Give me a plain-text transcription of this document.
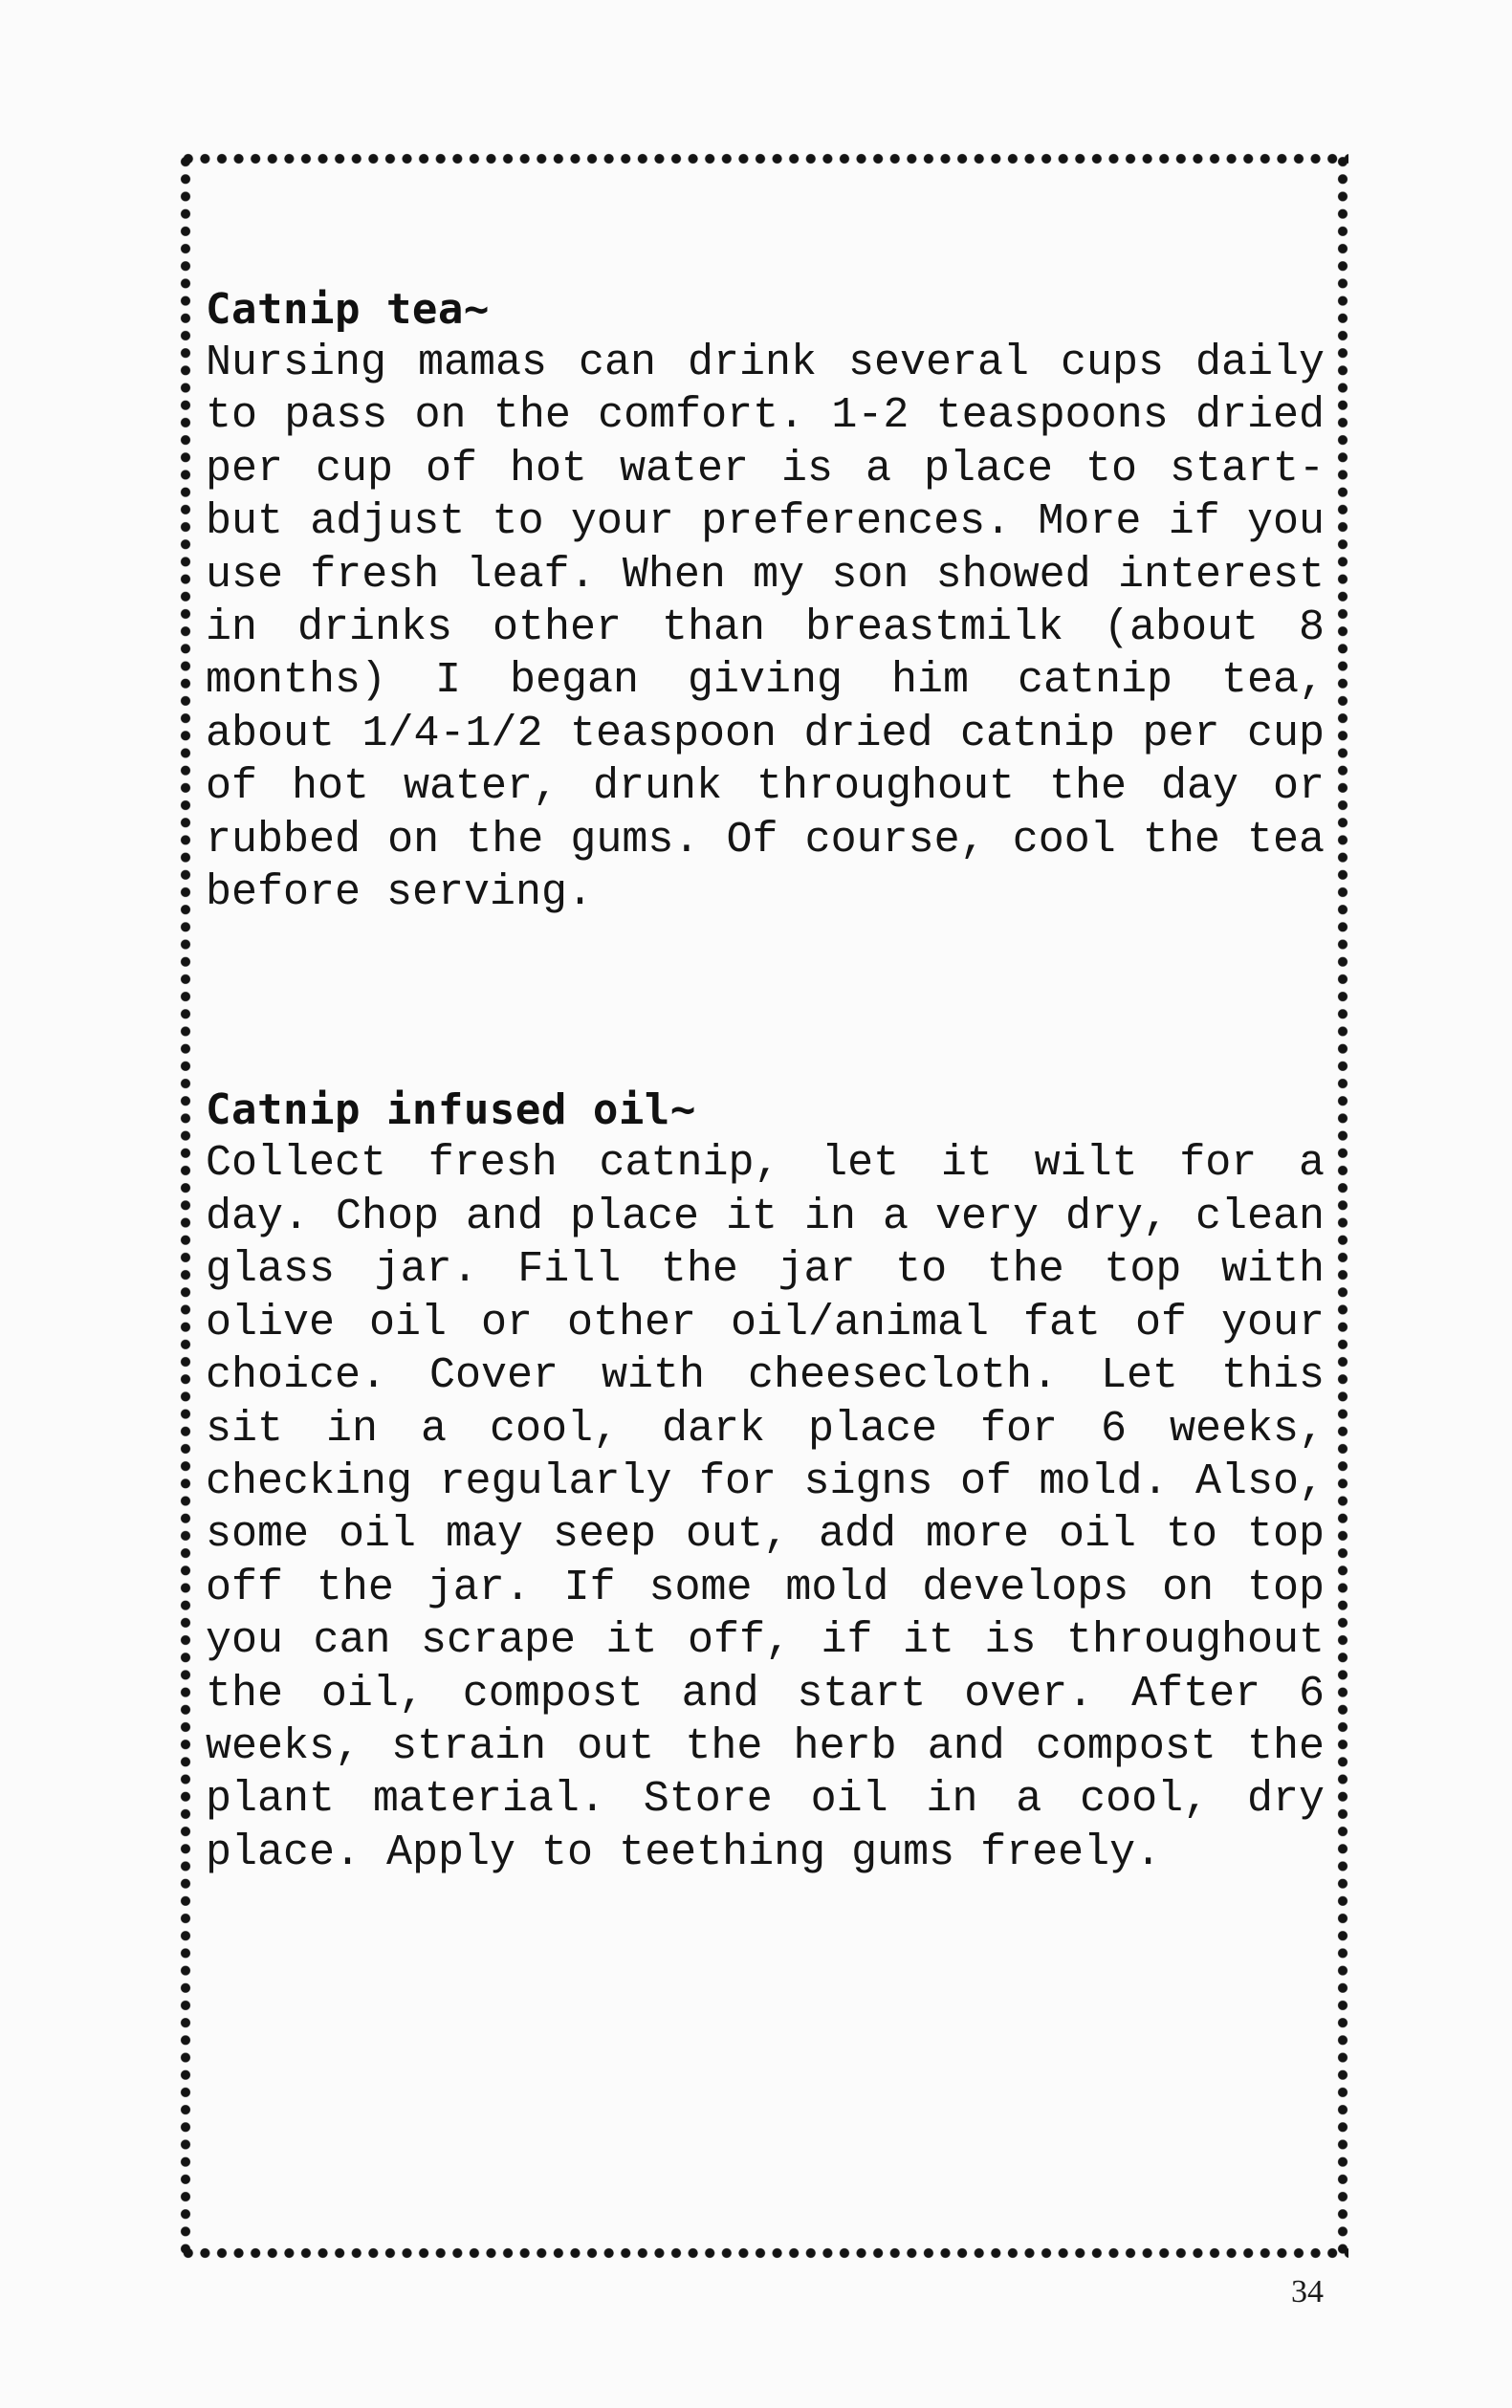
Catnip tea~

Nursing mamas can drink several cups daily to pass on the comfort. 1-2 teaspoons dried per cup of hot water is a place to start- but adjust to your preferences. More if you use fresh leaf. When my son showed interest in drinks other than breastmilk (about 8 months) I began giving him catnip tea, about 1/4-1/2 teaspoon dried catnip per cup of hot water, drunk throughout the day or rubbed on the gums. Of course, cool the tea before serving.

Catnip infused oil~

Collect fresh catnip, let it wilt for a day. Chop and place it in a very dry, clean glass jar. Fill the jar to the top with olive oil or other oil/animal fat of your choice. Cover with cheesecloth. Let this sit in a cool, dark place for 6 weeks, checking regularly for signs of mold. Also, some oil may seep out, add more oil to top off the jar. If some mold develops on top you can scrape it off, if it is throughout the oil, compost and start over. After 6 weeks, strain out the herb and compost the plant material. Store oil in a cool, dry place. Apply to teething gums freely.

34
